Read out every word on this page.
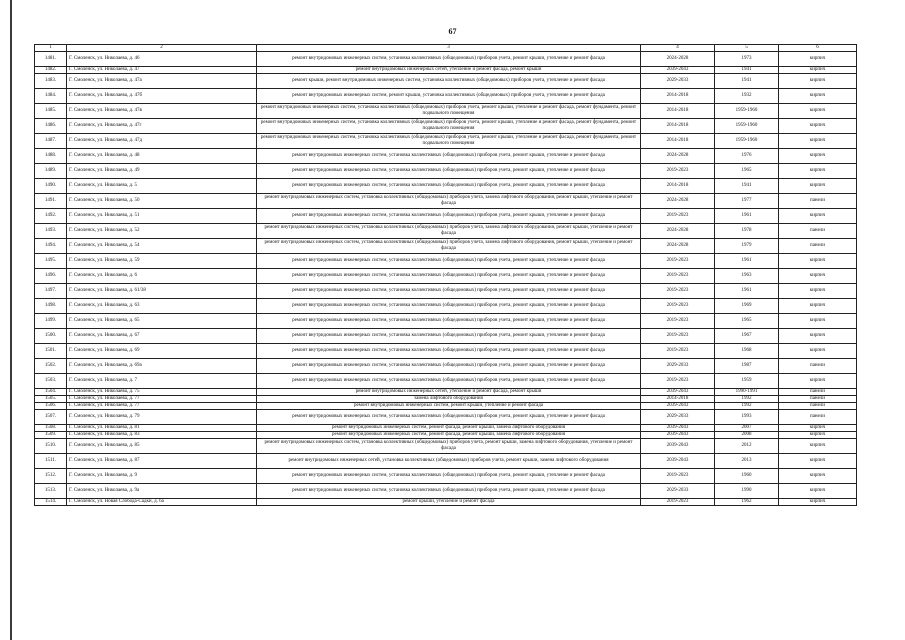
67
1	2	3	4	5	6
1481.	Г. Смоленск, ул. Николаева, д. 46	ремонт внутридомовых инженерных систем, установка коллективных (общедомовых) приборов учета, ремонт крыши, утепление и ремонт фасада	2024-2028	1973	кирпич
1482.	Г. Смоленск, ул. Николаева, д. 47	ремонт внутридомовых инженерных сетей, утепление и ремонт фасада, ремонт крыши	2039-2043	1941	кирпич
1483.	Г. Смоленск, ул. Николаева, д. 47а	ремонт крыши, ремонт внутридомовых инженерных систем, установка коллективных (общедомовых) приборов учета, утепление и ремонт фасада	2029-2033	1941	кирпич
1484.	Г. Смоленск, ул. Николаева, д. 47б	ремонт внутридомовых инженерных систем, ремонт крыши, установка коллективных (общедомовых) приборов учета, утепление и ремонт фасада	2014-2018	1932	кирпич
1485.	Г. Смоленск, ул. Николаева, д. 47в	ремонт внутридомовых инженерных систем, установка коллективных (общедомовых) приборов учета, ремонт крыши, утепление и ремонт фасада, ремонт фундамента, ремонт подвального помещения	2014-2018	1959-1960	кирпич
1486.	Г. Смоленск, ул. Николаева, д. 47г	ремонт внутридомовых инженерных систем, установка коллективных (общедомовых) приборов учета, ремонт крыши, утепление и ремонт фасада, ремонт фундамента, ремонт подвального помещения	2014-2018	1959-1960	кирпич
1487.	Г. Смоленск, ул. Николаева, д. 47д	ремонт внутридомовых инженерных систем, установка коллективных (общедомовых) приборов учета, ремонт крыши, утепление и ремонт фасада, ремонт фундамента, ремонт подвального помещения	2014-2018	1959-1960	кирпич
1488.	Г. Смоленск, ул. Николаева, д. 48	ремонт внутридомовых инженерных систем, установка коллективных (общедомовых) приборов учета, ремонт крыши, утепление и ремонт фасада	2024-2028	1976	кирпич
1489.	Г. Смоленск, ул. Николаева, д. 49	ремонт внутридомовых инженерных систем, установка коллективных (общедомовых) приборов учета, ремонт крыши, утепление и ремонт фасада	2019-2023	1965	кирпич
1490.	Г. Смоленск, ул. Николаева, д. 5	ремонт внутридомовых инженерных систем, установка коллективных (общедомовых) приборов учета, ремонт крыши, утепление и ремонт фасада	2014-2018	1941	кирпич
1491.	Г. Смоленск, ул. Николаева, д. 50	ремонт внутридомовых инженерных систем, установка коллективных (общедомовых) приборов учета, замена лифтового оборудования, ремонт крыши, утепление и ремонт фасада	2024-2028	1977	панели
1492.	Г. Смоленск, ул. Николаева, д. 51	ремонт внутридомовых инженерных систем, установка коллективных (общедомовых) приборов учета, ремонт крыши, утепление и ремонт фасада	2019-2023	1961	кирпич
1493.	Г. Смоленск, ул. Николаева, д. 52	ремонт внутридомовых инженерных систем, установка коллективных (общедомовых) приборов учета, замена лифтового оборудования, ремонт крыши, утепление и ремонт фасада	2024-2028	1978	панели
1494.	Г. Смоленск, ул. Николаева, д. 54	ремонт внутридомовых инженерных систем, установка коллективных (общедомовых) приборов учета, замена лифтового оборудования, ремонт крыши, утепление и ремонт фасада	2024-2028	1979	панели
1495.	Г. Смоленск, ул. Николаева, д. 59	ремонт внутридомовых инженерных систем, установка коллективных (общедомовых) приборов учета, ремонт крыши, утепление и ремонт фасада	2019-2023	1961	кирпич
1496.	Г. Смоленск, ул. Николаева, д. 6	ремонт внутридомовых инженерных систем, установка коллективных (общедомовых) приборов учета, ремонт крыши, утепление и ремонт фасада	2019-2023	1963	кирпич
1497.	Г. Смоленск, ул. Николаева, д. 61/38	ремонт внутридомовых инженерных систем, установка коллективных (общедомовых) приборов учета, ремонт крыши, утепление и ремонт фасада	2019-2023	1961	кирпич
1498.	Г. Смоленск, ул. Николаева, д. 63	ремонт внутридомовых инженерных систем, установка коллективных (общедомовых) приборов учета, ремонт крыши, утепление и ремонт фасада	2019-2023	1969	кирпич
1499.	Г. Смоленск, ул. Николаева, д. 65	ремонт внутридомовых инженерных систем, установка коллективных (общедомовых) приборов учета, ремонт крыши, утепление и ремонт фасада	2019-2023	1965	кирпич
1500.	Г. Смоленск, ул. Николаева, д. 67	ремонт внутридомовых инженерных систем, установка коллективных (общедомовых) приборов учета, ремонт крыши, утепление и ремонт фасада	2019-2023	1967	кирпич
1501.	Г. Смоленск, ул. Николаева, д. 69	ремонт внутридомовых инженерных систем, установка коллективных (общедомовых) приборов учета, ремонт крыши, утепление и ремонт фасада	2019-2023	1968	кирпич
1502.	Г. Смоленск, ул. Николаева, д. 69а	ремонт внутридомовых инженерных систем, установка коллективных (общедомовых) приборов учета, ремонт крыши, утепление и ремонт фасада	2029-2033	1987	панели
1503.	Г. Смоленск, ул. Николаева, д. 7	ремонт внутридомовых инженерных систем, установка коллективных (общедомовых) приборов учета, ремонт крыши, утепление и ремонт фасада	2019-2023	1959	кирпич
1504.	Г. Смоленск, ул. Николаева, д. 75	ремонт внутридомовых инженерных сетей, утепление и ремонт фасада, ремонт крыши	2039-2043	1990-1991	панели
1505.	Г. Смоленск, ул. Николаева, д. 77	замена лифтового оборудования	2014-2018	1992	панели
1506.	Г. Смоленск, ул. Николаева, д. 77	ремонт внутридомовых инженерных систем, ремонт крыши, утепление и ремонт фасада	2039-2043	1992	панели
1507.	Г. Смоленск, ул. Николаева, д. 79	ремонт внутридомовых инженерных систем, установка коллективных (общедомовых) приборов учета, ремонт крыши, утепление и ремонт фасада	2029-2033	1993	панели
1508.	Г. Смоленск, ул. Николаева, д. 81	ремонт внутридомовых инженерных систем, ремонт фасада, ремонт крыши, замена лифтового оборудования	2039-2043	2007	кирпич
1509.	Г. Смоленск, ул. Николаева, д. 83	ремонт внутридомовых инженерных систем, ремонт фасада, ремонт крыши, замена лифтового оборудования	2039-2043	2008	кирпич
1510.	Г. Смоленск, ул. Николаева, д. 85	ремонт внутридомовых инженерных систем, установка коллективных (общедомовых) приборов учета, ремонт крыши, замена лифтового оборудования, утепление и ремонт фасада	2039-2043	2012	кирпич
1511.	Г. Смоленск, ул. Николаева, д. 87	ремонт внутридомовых инженерных сетей, установка коллективных (общедомовых) приборов учета, ремонт крыши, замена лифтового оборудования	2039-2043	2013	кирпич
1512.	Г. Смоленск, ул. Николаева, д. 9	ремонт внутридомовых инженерных систем, установка коллективных (общедомовых) приборов учета, ремонт крыши, утепление и ремонт фасада	2019-2023	1960	кирпич
1513.	Г. Смоленск, ул. Николаева, д. 9а	ремонт внутридомовых инженерных систем, установка коллективных (общедомовых) приборов учета, ремонт крыши, утепление и ремонт фасада	2029-2033	1990	кирпич
1514.	Г. Смоленск, ул. Новая Слобода-Садки, д. 6а	ремонт крыши, утепление и ремонт фасада	2019-2023	1962	кирпич
